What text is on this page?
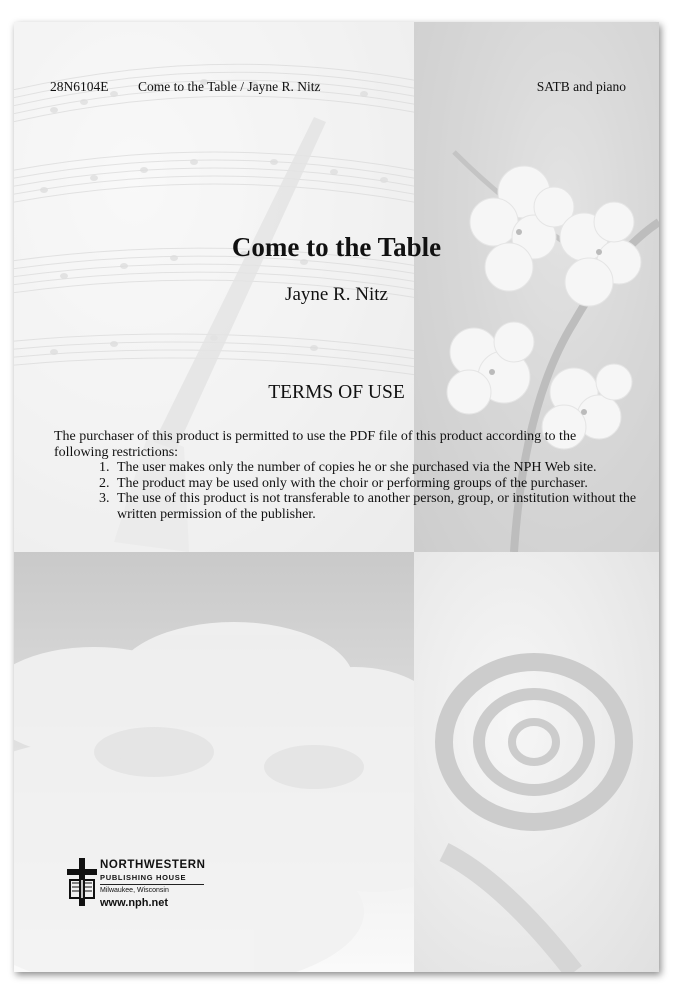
28N6104E Come to the Table / Jayne R. Nitz	SATB and piano
Come to the Table
Jayne R. Nitz
TERMS OF USE
The purchaser of this product is permitted to use the PDF file of this product according to the following restrictions:
1. The user makes only the number of copies he or she purchased via the NPH Web site.
2. The product may be used only with the choir or performing groups of the purchaser.
3. The use of this product is not transferable to another person, group, or institution without the written permission of the publisher.
NORTHWESTERN
PUBLISHING HOUSE
Milwaukee, Wisconsin
www.nph.net
